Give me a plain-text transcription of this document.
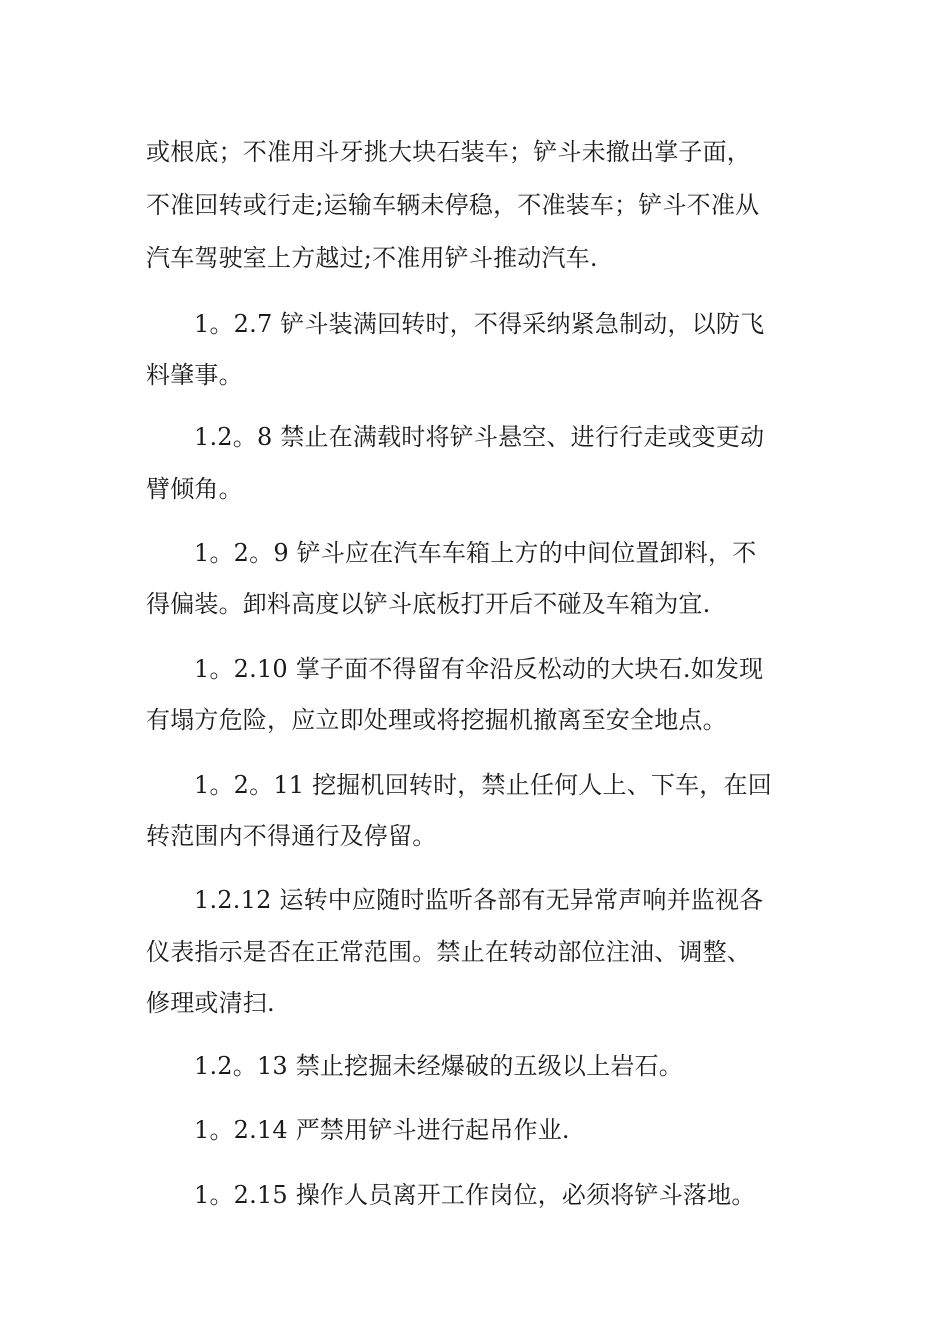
或根底；不准用斗牙挑大块石装车；铲斗未撤出掌子面，
不准回转或行走;运输车辆未停稳，不准装车；铲斗不准从
汽车驾驶室上方越过;不准用铲斗推动汽车.
1。2.7 铲斗装满回转时，不得采纳紧急制动，以防飞
料肇事。
1.2。8 禁止在满载时将铲斗悬空、进行行走或变更动
臂倾角。
1。2。9 铲斗应在汽车车箱上方的中间位置卸料，不
得偏装。卸料高度以铲斗底板打开后不碰及车箱为宜.
1。2.10 掌子面不得留有伞沿反松动的大块石.如发现
有塌方危险，应立即处理或将挖掘机撤离至安全地点。
1。2。11 挖掘机回转时，禁止任何人上、下车，在回
转范围内不得通行及停留。
1.2.12 运转中应随时监听各部有无异常声响并监视各
仪表指示是否在正常范围。禁止在转动部位注油、调整、
修理或清扫.
1.2。13 禁止挖掘未经爆破的五级以上岩石。
1。2.14 严禁用铲斗进行起吊作业.
1。2.15 操作人员离开工作岗位，必须将铲斗落地。
